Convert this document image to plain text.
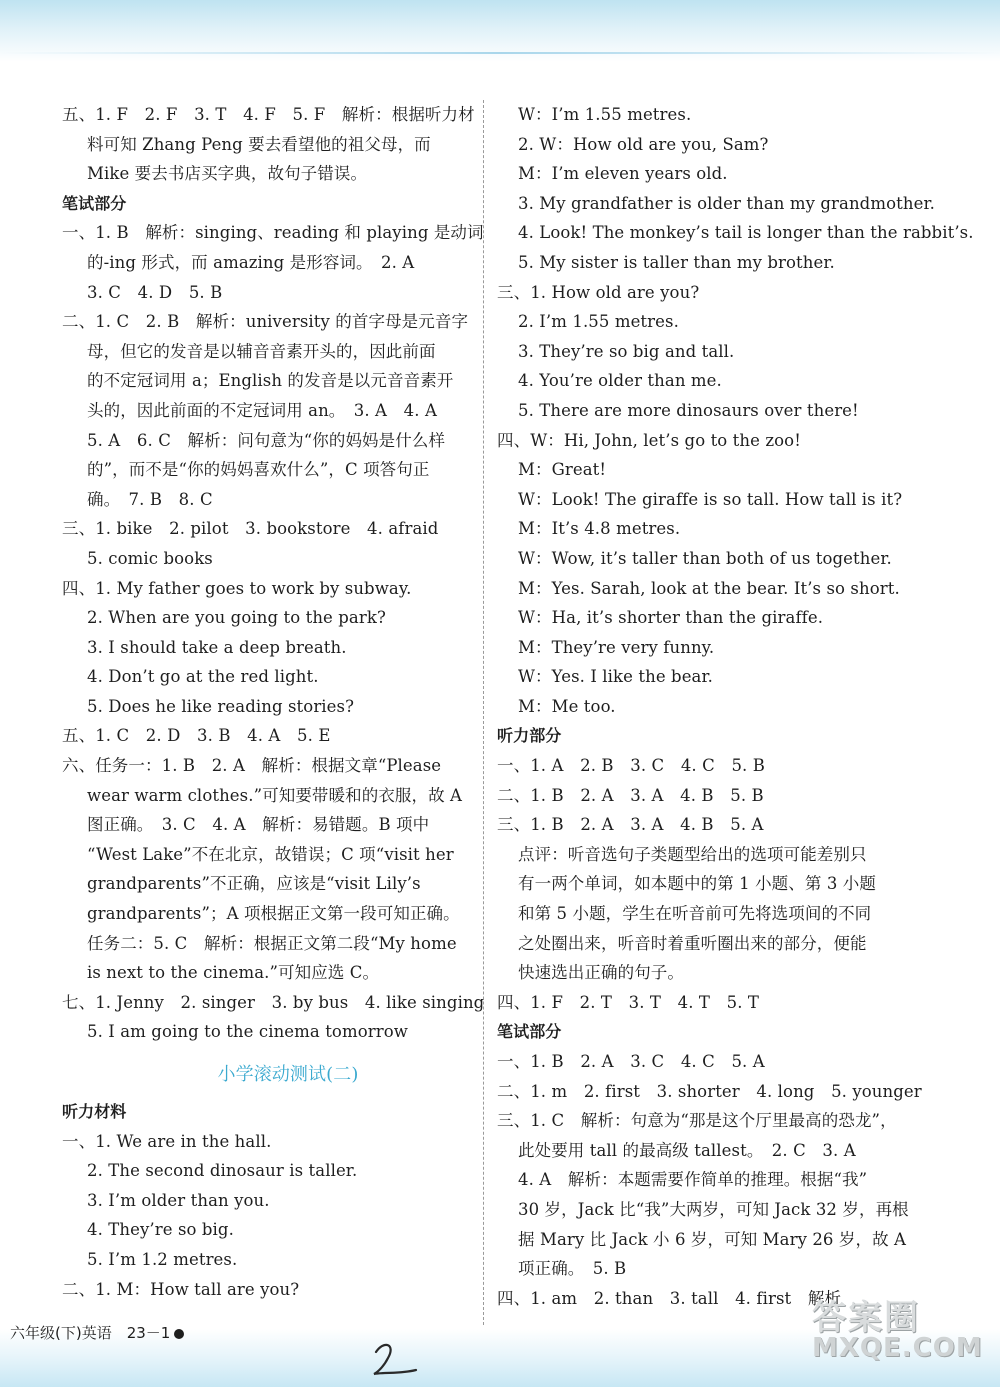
五、1. F　2. F　3. T　4. F　5. F　解析：根据听力材
料可知 Zhang Peng 要去看望他的祖父母，而
Mike 要去书店买字典，故句子错误。
笔试部分
一、1. B　解析：singing、reading 和 playing 是动词
的-ing 形式，而 amazing 是形容词。　2. A
3. C　4. D　5. B
二、1. C　2. B　解析：university 的首字母是元音字
母，但它的发音是以辅音音素开头的，因此前面
的不定冠词用 a；English 的发音是以元音音素开
头的，因此前面的不定冠词用 an。　3. A　4. A
5. A　6. C　解析：问句意为“你的妈妈是什么样
的”，而不是“你的妈妈喜欢什么”，C 项答句正
确。　7. B　8. C
三、1. bike　2. pilot　3. bookstore　4. afraid
5. comic books
四、1. My father goes to work by subway.
2. When are you going to the park?
3. I should take a deep breath.
4. Don’t go at the red light.
5. Does he like reading stories?
五、1. C　2. D　3. B　4. A　5. E
六、任务一：1. B　2. A　解析：根据文章“Please
wear warm clothes.”可知要带暖和的衣服，故 A
图正确。　3. C　4. A　解析：易错题。B 项中
“West Lake”不在北京，故错误；C 项“visit her
grandparents”不正确，应该是“visit Lily’s
grandparents”；A 项根据正文第一段可知正确。
任务二：5. C　解析：根据正文第二段“My home
is next to the cinema.”可知应选 C。
七、1. Jenny　2. singer　3. by bus　4. like singing
5. I am going to the cinema tomorrow
小学滚动测试(二)
听力材料
一、1. We are in the hall.
2. The second dinosaur is taller.
3. I’m older than you.
4. They’re so big.
5. I’m 1.2 metres.
二、1. M：How tall are you?
W：I’m 1.55 metres.
2. W：How old are you, Sam?
M：I’m eleven years old.
3. My grandfather is older than my grandmother.
4. Look! The monkey’s tail is longer than the rabbit’s.
5. My sister is taller than my brother.
三、1. How old are you?
2. I’m 1.55 metres.
3. They’re so big and tall.
4. You’re older than me.
5. There are more dinosaurs over there!
四、W：Hi, John, let’s go to the zoo!
M：Great!
W：Look! The giraffe is so tall. How tall is it?
M：It’s 4.8 metres.
W：Wow, it’s taller than both of us together.
M：Yes. Sarah, look at the bear. It’s so short.
W：Ha, it’s shorter than the giraffe.
M：They’re very funny.
W：Yes. I like the bear.
M：Me too.
听力部分
一、1. A　2. B　3. C　4. C　5. B
二、1. B　2. A　3. A　4. B　5. B
三、1. B　2. A　3. A　4. B　5. A
点评：听音选句子类题型给出的选项可能差别只
有一两个单词，如本题中的第 1 小题、第 3 小题
和第 5 小题，学生在听音前可先将选项间的不同
之处圈出来，听音时着重听圈出来的部分，便能
快速选出正确的句子。
四、1. F　2. T　3. T　4. T　5. T
笔试部分
一、1. B　2. A　3. C　4. C　5. A
二、1. m　2. first　3. shorter　4. long　5. younger
三、1. C　解析：句意为“那是这个厅里最高的恐龙”，
此处要用 tall 的最高级 tallest。　2. C　3. A
4. A　解析：本题需要作简单的推理。根据“我”
30 岁，Jack 比“我”大两岁，可知 Jack 32 岁，再根
据 Mary 比 Jack 小 6 岁，可知 Mary 26 岁，故 A
项正确。　5. B
四、1. am　2. than　3. tall　4. first　解析
六年级(下)英语　23－1	答案圈
MXQE.COM
